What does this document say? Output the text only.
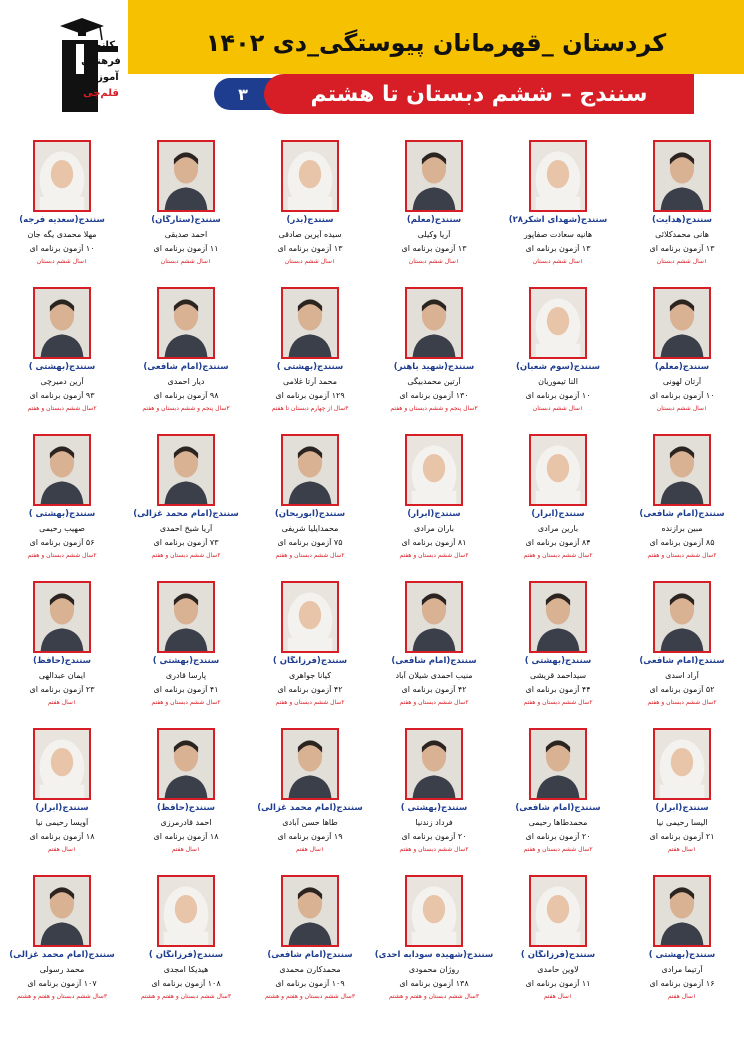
کردستان _قهرمانان پیوستگی_دی ۱۴۰۲
۳	سنندج – ششم دبستان تا هشتم
کانون
فرهنگی
آموزش
قلم‌چی
سنندج(هدایت)
هانی محمدکلائی
۱۳ آزمون برنامه ای
۱سال ششم دبستان
سنندج(شهدای اشکر۲۸)
هانیه سعادت صفاپور
۱۳ آزمون برنامه ای
۱سال ششم دبستان
سنندج(معلم)
آریا وکیلی
۱۳ آزمون برنامه ای
۱سال ششم دبستان
سنندج(بدر)
سیده آیرین صادقی
۱۳ آزمون برنامه ای
۱سال ششم دبستان
سنندج(ستارگان)
احمد صدیقی
۱۱ آزمون برنامه ای
۱سال ششم دبستان
سنندج(سعدیه فرجه)
مهلا محمدی یگه جان
۱۰ آزمون برنامه ای
۱سال ششم دبستان
سنندج(معلم)
آرتان لهونی
۱۰ آزمون برنامه ای
۱سال ششم دبستان
سنندج(سوم شعبان)
النا تیموریان
۱۰ آزمون برنامه ای
۱سال ششم دبستان
سنندج(شهید باهنر)
آرتین محمدبیگی
۱۳۰ آزمون برنامه ای
۳سال پنجم و ششم دبستان و هفتم
سنندج(بهشتی )
محمد آرتا غلامی
۱۲۹ آزمون برنامه ای
۳سال از چهارم دبستان تا هفتم
سنندج(امام شافعی)
دیار احمدی
۹۸ آزمون برنامه ای
۳سال پنجم و ششم دبستان و هفتم
سنندج(بهشتی )
آرین دمیرچی
۹۳ آزمون برنامه ای
۲سال ششم دبستان و هفتم
سنندج(امام شافعی)
مبین برازنده
۸۵ آزمون برنامه ای
۲سال ششم دبستان و هفتم
سنندج(ابرار)
بارین مرادی
۸۴ آزمون برنامه ای
۲سال ششم دبستان و هفتم
سنندج(ابرار)
باران مرادی
۸۱ آزمون برنامه ای
۲سال ششم دبستان و هفتم
سنندج(ابوریحان)
محمدایلیا شریفی
۷۵ آزمون برنامه ای
۲سال ششم دبستان و هفتم
سنندج(امام محمد غزالی)
آریا شیخ احمدی
۷۳ آزمون برنامه ای
۲سال ششم دبستان و هفتم
سنندج(بهشتی )
صهیب رحیمی
۵۶ آزمون برنامه ای
۲سال ششم دبستان و هفتم
سنندج(امام شافعی)
آراد اسدی
۵۲ آزمون برنامه ای
۲سال ششم دبستان و هفتم
سنندج(بهشتی )
سیداحمد قریشی
۴۴ آزمون برنامه ای
۲سال ششم دبستان و هفتم
سنندج(امام شافعی)
منیب احمدی شیلان آباد
۴۲ آزمون برنامه ای
۲سال ششم دبستان و هفتم
سنندج(فرزانگان )
کیانا جواهری
۴۲ آزمون برنامه ای
۲سال ششم دبستان و هفتم
سنندج(بهشتی )
پارسا قادری
۴۱ آزمون برنامه ای
۲سال ششم دبستان و هفتم
سنندج(حافظ)
ایمان عبدالهی
۲۳ آزمون برنامه ای
۱سال هفتم
سنندج(ابرار)
الیسا رحیمی نیا
۲۱ آزمون برنامه ای
۱سال هفتم
سنندج(امام شافعی)
محمدطاها رحیمی
۲۰ آزمون برنامه ای
۲سال ششم دبستان و هفتم
سنندج(بهشتی )
فرداد زندنیا
۲۰ آزمون برنامه ای
۲سال ششم دبستان و هفتم
سنندج(امام محمد غزالی)
طاها حسن آبادی
۱۹ آزمون برنامه ای
۱سال هفتم
سنندج(حافظ)
احمد قادرمرزی
۱۸ آزمون برنامه ای
۱سال هفتم
سنندج(ابرار)
آویسا رحیمی نیا
۱۸ آزمون برنامه ای
۱سال هفتم
سنندج(بهشتی )
آرتیما مرادی
۱۶ آزمون برنامه ای
۱سال هفتم
سنندج(فرزانگان )
لاوین حامدی
۱۱ آزمون برنامه ای
۱سال هفتم
سنندج(شهیده سودابه احدی)
روژان محمودی
۱۳۸ آزمون برنامه ای
۳سال ششم دبستان و هفتم و هشتم
سنندج(امام شافعی)
محمدکارن محمدی
۱۰۹ آزمون برنامه ای
۳سال ششم دبستان و هفتم و هشتم
سنندج(فرزانگان )
هیدیکا امجدی
۱۰۸ آزمون برنامه ای
۳سال ششم دبستان و هفتم و هشتم
سنندج(امام محمد غزالی)
محمد رسولی
۱۰۷ آزمون برنامه ای
۳سال ششم دبستان و هفتم و هشتم
